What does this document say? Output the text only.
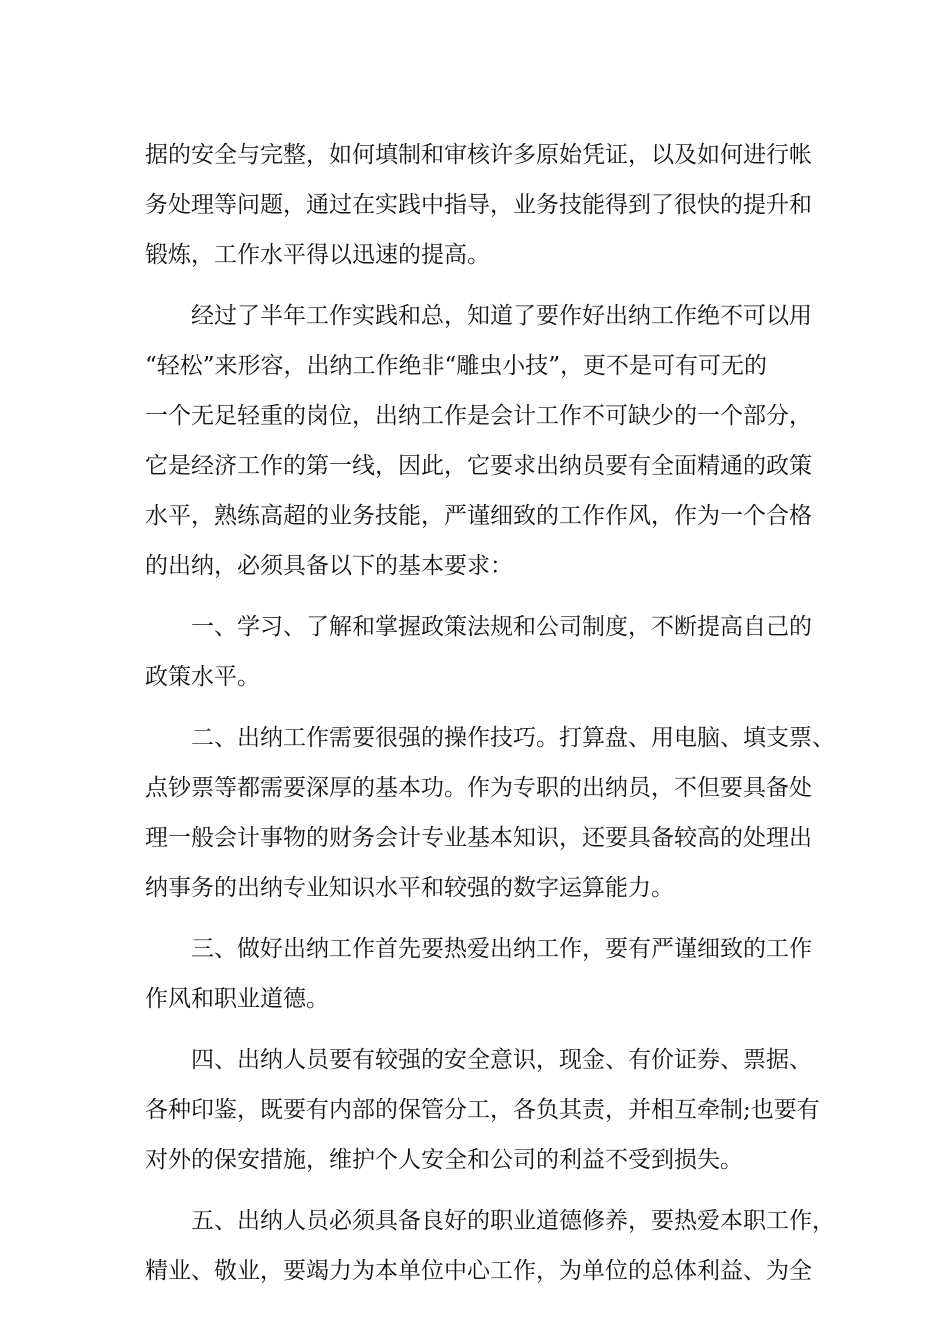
据的安全与完整，如何填制和审核许多原始凭证，以及如何进行帐
务处理等问题，通过在实践中指导，业务技能得到了很快的提升和
锻炼，工作水平得以迅速的提高。
经过了半年工作实践和总，知道了要作好出纳工作绝不可以用
“轻松”来形容，出纳工作绝非“雕虫小技”，更不是可有可无的
一个无足轻重的岗位，出纳工作是会计工作不可缺少的一个部分，
它是经济工作的第一线，因此，它要求出纳员要有全面精通的政策
水平，熟练高超的业务技能，严谨细致的工作作风，作为一个合格
的出纳，必须具备以下的基本要求：
一、学习、了解和掌握政策法规和公司制度，不断提高自己的
政策水平。
二、出纳工作需要很强的操作技巧。打算盘、用电脑、填支票、
点钞票等都需要深厚的基本功。作为专职的出纳员，不但要具备处
理一般会计事物的财务会计专业基本知识，还要具备较高的处理出
纳事务的出纳专业知识水平和较强的数字运算能力。
三、做好出纳工作首先要热爱出纳工作，要有严谨细致的工作
作风和职业道德。
四、出纳人员要有较强的安全意识，现金、有价证券、票据、
各种印鉴，既要有内部的保管分工，各负其责，并相互牵制;也要有
对外的保安措施，维护个人安全和公司的利益不受到损失。
五、出纳人员必须具备良好的职业道德修养，要热爱本职工作，
精业、敬业，要竭力为本单位中心工作，为单位的总体利益、为全
